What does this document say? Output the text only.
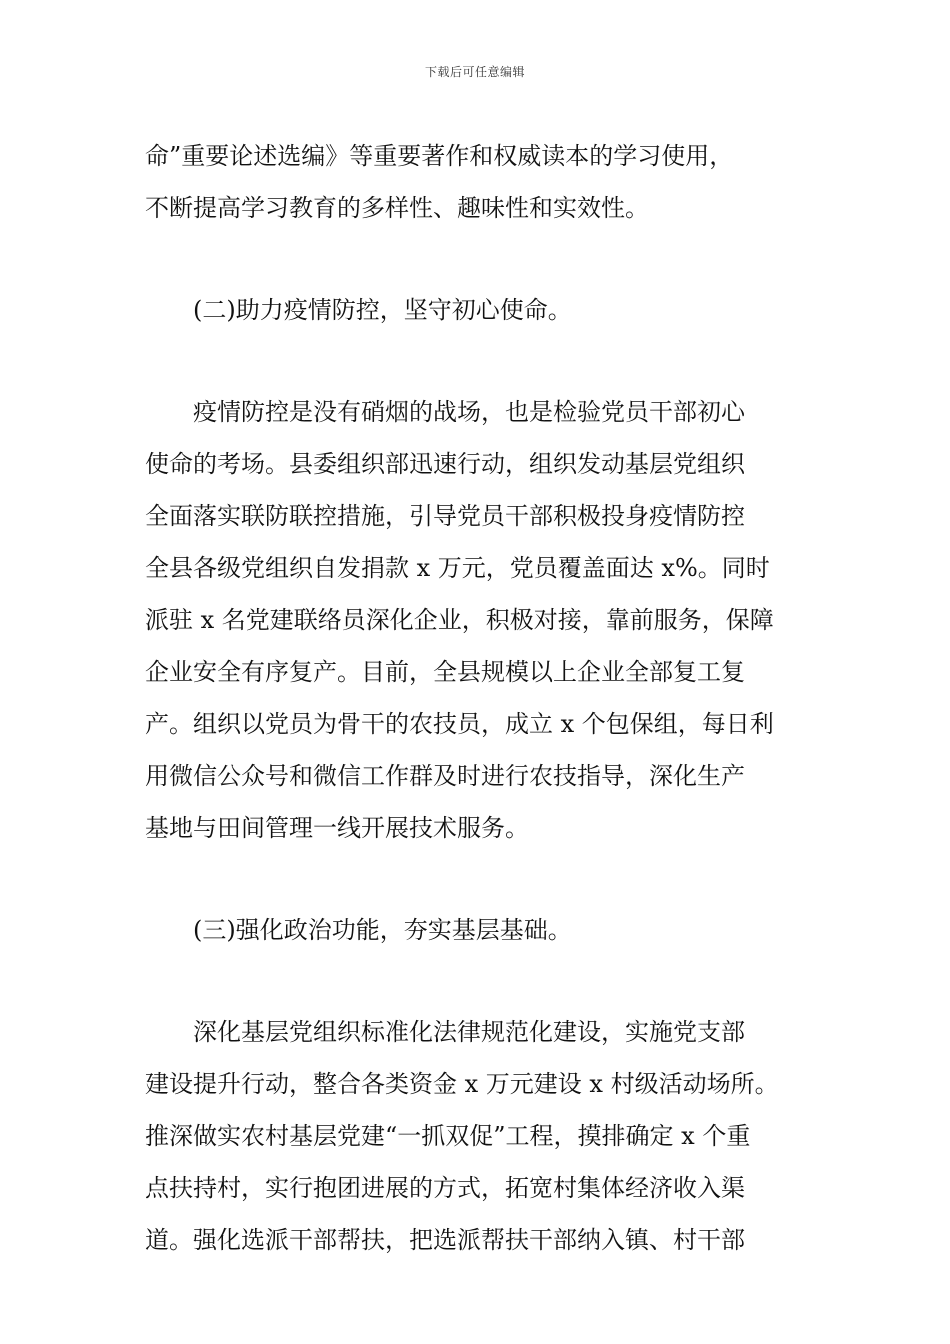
下载后可任意编辑
命”重要论述选编》等重要著作和权威读本的学习使用，
不断提高学习教育的多样性、趣味性和实效性。
　　(二)助力疫情防控，坚守初心使命。
　　疫情防控是没有硝烟的战场，也是检验党员干部初心
使命的考场。县委组织部迅速行动，组织发动基层党组织
全面落实联防联控措施，引导党员干部积极投身疫情防控
全县各级党组织自发捐款 x 万元，党员覆盖面达 x%。同时
派驻 x 名党建联络员深化企业，积极对接，靠前服务，保障
企业安全有序复产。目前，全县规模以上企业全部复工复
产。组织以党员为骨干的农技员，成立 x 个包保组，每日利
用微信公众号和微信工作群及时进行农技指导，深化生产
基地与田间管理一线开展技术服务。
　　(三)强化政治功能，夯实基层基础。
　　深化基层党组织标准化法律规范化建设，实施党支部
建设提升行动，整合各类资金 x 万元建设 x 村级活动场所。
推深做实农村基层党建“一抓双促”工程，摸排确定 x 个重
点扶持村，实行抱团进展的方式，拓宽村集体经济收入渠
道。强化选派干部帮扶，把选派帮扶干部纳入镇、村干部
